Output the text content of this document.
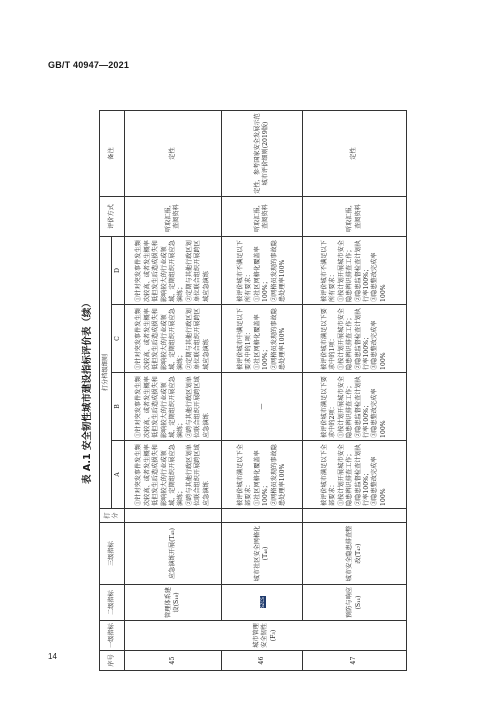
GB/T 40947—2021
表 A.1 安全韧性城市建设指标评价表（续）
序号	一级指标	二级指标	三级指标	打分	打分档级细则				评价方式	备注
					A	B	C	D		
45	城市管理安全韧性(F₃)	管理体系建设(S₁₀)	应急演练开展(T₄₅)		①针对突发事件发生频次较高、或者发生概率低但发生后造成损失和影响较大的行业或领域，定期组织开展应急演练；
②跨与其他行政区划单位联合组织开展跨区域应急演练	①针对突发事件发生频次较高、或者发生概率低但发生后造成损失和影响较大的行业或领域，定期组织开展应急演练；
②跨与其他行政区划单位联合组织开展跨区域应急演练	①针对突发事件发生频次较高、或者发生概率低但发生后造成损失和影响较大的行业或领域，定期组织开展应急演练；
②定期与其他行政区划单位联合组织开展跨区域应急演练	①针对突发事件发生频次较高、或者发生概率低但发生后造成损失和影响较大的行业或领域，定期组织开展应急演练；
②定期与其他行政区划单位联合组织开展跨区域应急演练	听取汇报，查阅资料	定性
46		SZCS	城市社区安全网格化(T₄₆)		被评价城市满足以下全部要求：
①社区网格化覆盖率100%；
②网格员发现的事故隐患处理率100%	—	被评价城市中满足以下要求中的1项：
①社区网格化覆盖率100%；
②网格员发现的事故隐患处理率100%	被评价城市不满足以下所有要求：
①社区网格化覆盖率100%；
②网格员发现的事故隐患处理率100%	听取汇报，查阅资料	定性，参考国家安全发展示范城市评价细则(2019版)
47		预防与响应(S₁₁)	城市安全隐患排查整改(T₄₇)		被评价城市满足以下全部要求：
①按计划开展城市安全隐患辨识排查工作；
②隐患监督检查计划执行率100%；
③隐患整改完成率100%	被评价城市满足以下要求中的2项：
①按计划开展城市安全隐患辨识排查工作；
②隐患监督检查计划执行率100%；
③隐患整改完成率100%	被评价城市满足以下要求中的1项：
①按计划开展城市安全隐患辨识排查工作；
②隐患监督检查计划执行率100%；
③隐患整改完成率100%	被评价城市不满足以下所有要求：
①按计划开展城市安全隐患辨识排查工作；
②隐患监督检查计划执行率100%；
③隐患整改完成率100%	听取汇报，查阅资料	定性
14
